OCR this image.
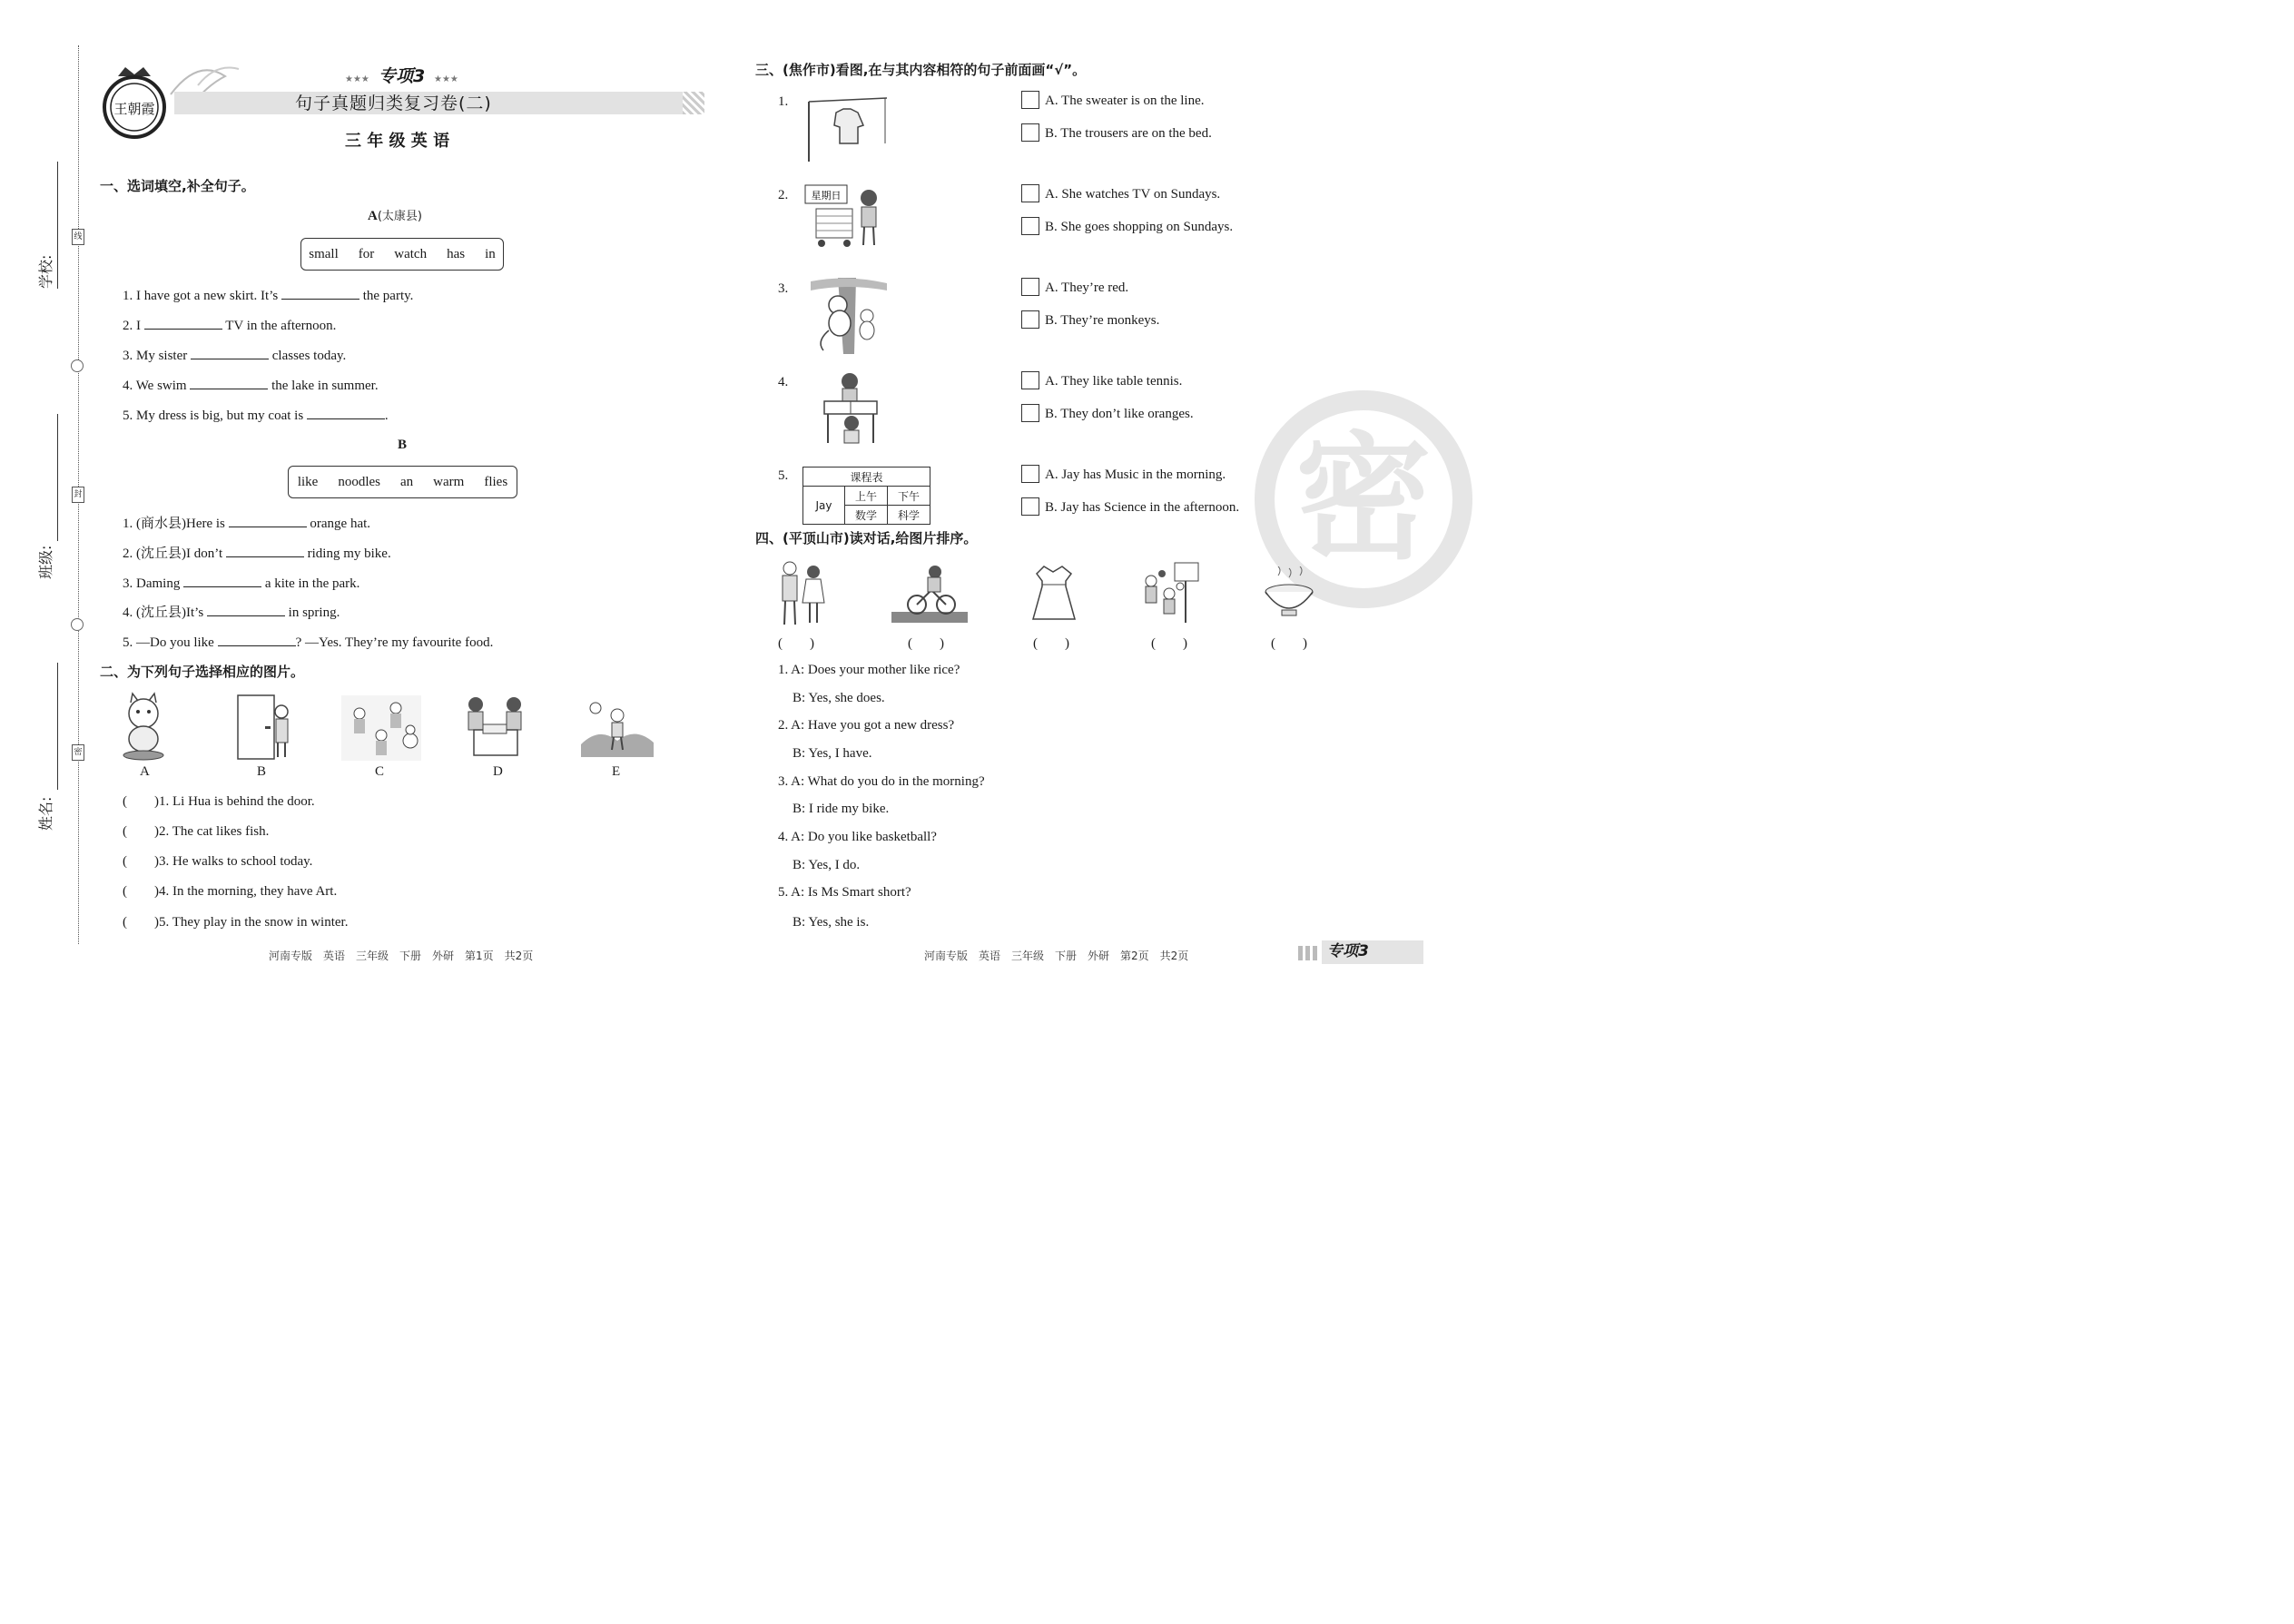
线
封
密
学校:
班级:
姓名:
王朝霞
★★★ 专项3 ★★★
句子真题归类复习卷(二)
三 年 级 英 语
一、选词填空,补全句子。
A(太康县)
small for watch has in
1. I have got a new skirt. It’s	the party.
2. I	TV in the afternoon.
3. My sister	classes today.
4. We swim	the lake in summer.
5. My dress is big, but my coat is	.
B
like noodles an warm flies
1. (商水县)Here is	orange hat.
2. (沈丘县)I don’t	riding my bike.
3. Daming	a kite in the park.
4. (沈丘县)It’s	in spring.
5. —Do you like	? —Yes. They’re my favourite food.
二、为下列句子选择相应的图片。
A	B	C	D	E
(　　)1. Li Hua is behind the door.
(　　)2. The cat likes fish.
(　　)3. He walks to school today.
(　　)4. In the morning, they have Art.
(　　)5. They play in the snow in winter.
河南专版　英语　三年级　下册　外研　第1页　共2页
密
三、(焦作市)看图,在与其内容相符的句子前面画“√”。
1.	A. The sweater is on the line.
B. The trousers are on the bed.
2. 星期日	A. She watches TV on Sundays.
B. She goes shopping on Sundays.
3.	A. They’re red.
B. They’re monkeys.
4.	A. They like table tennis.
B. They don’t like oranges.
5.	课程表		
Jay	上午	下午
	数学	科学
A. Jay has Music in the morning.
B. Jay has Science in the afternoon.
四、(平顶山市)读对话,给图片排序。
(　　)	(　　)	(　　)	(　　)	(　　)
1. A: Does your mother like rice?
B: Yes, she does.
2. A: Have you got a new dress?
B: Yes, I have.
3. A: What do you do in the morning?
B: I ride my bike.
4. A: Do you like basketball?
B: Yes, I do.
5. A: Is Ms Smart short?
B: Yes, she is.
河南专版　英语　三年级　下册　外研　第2页　共2页	专项3
